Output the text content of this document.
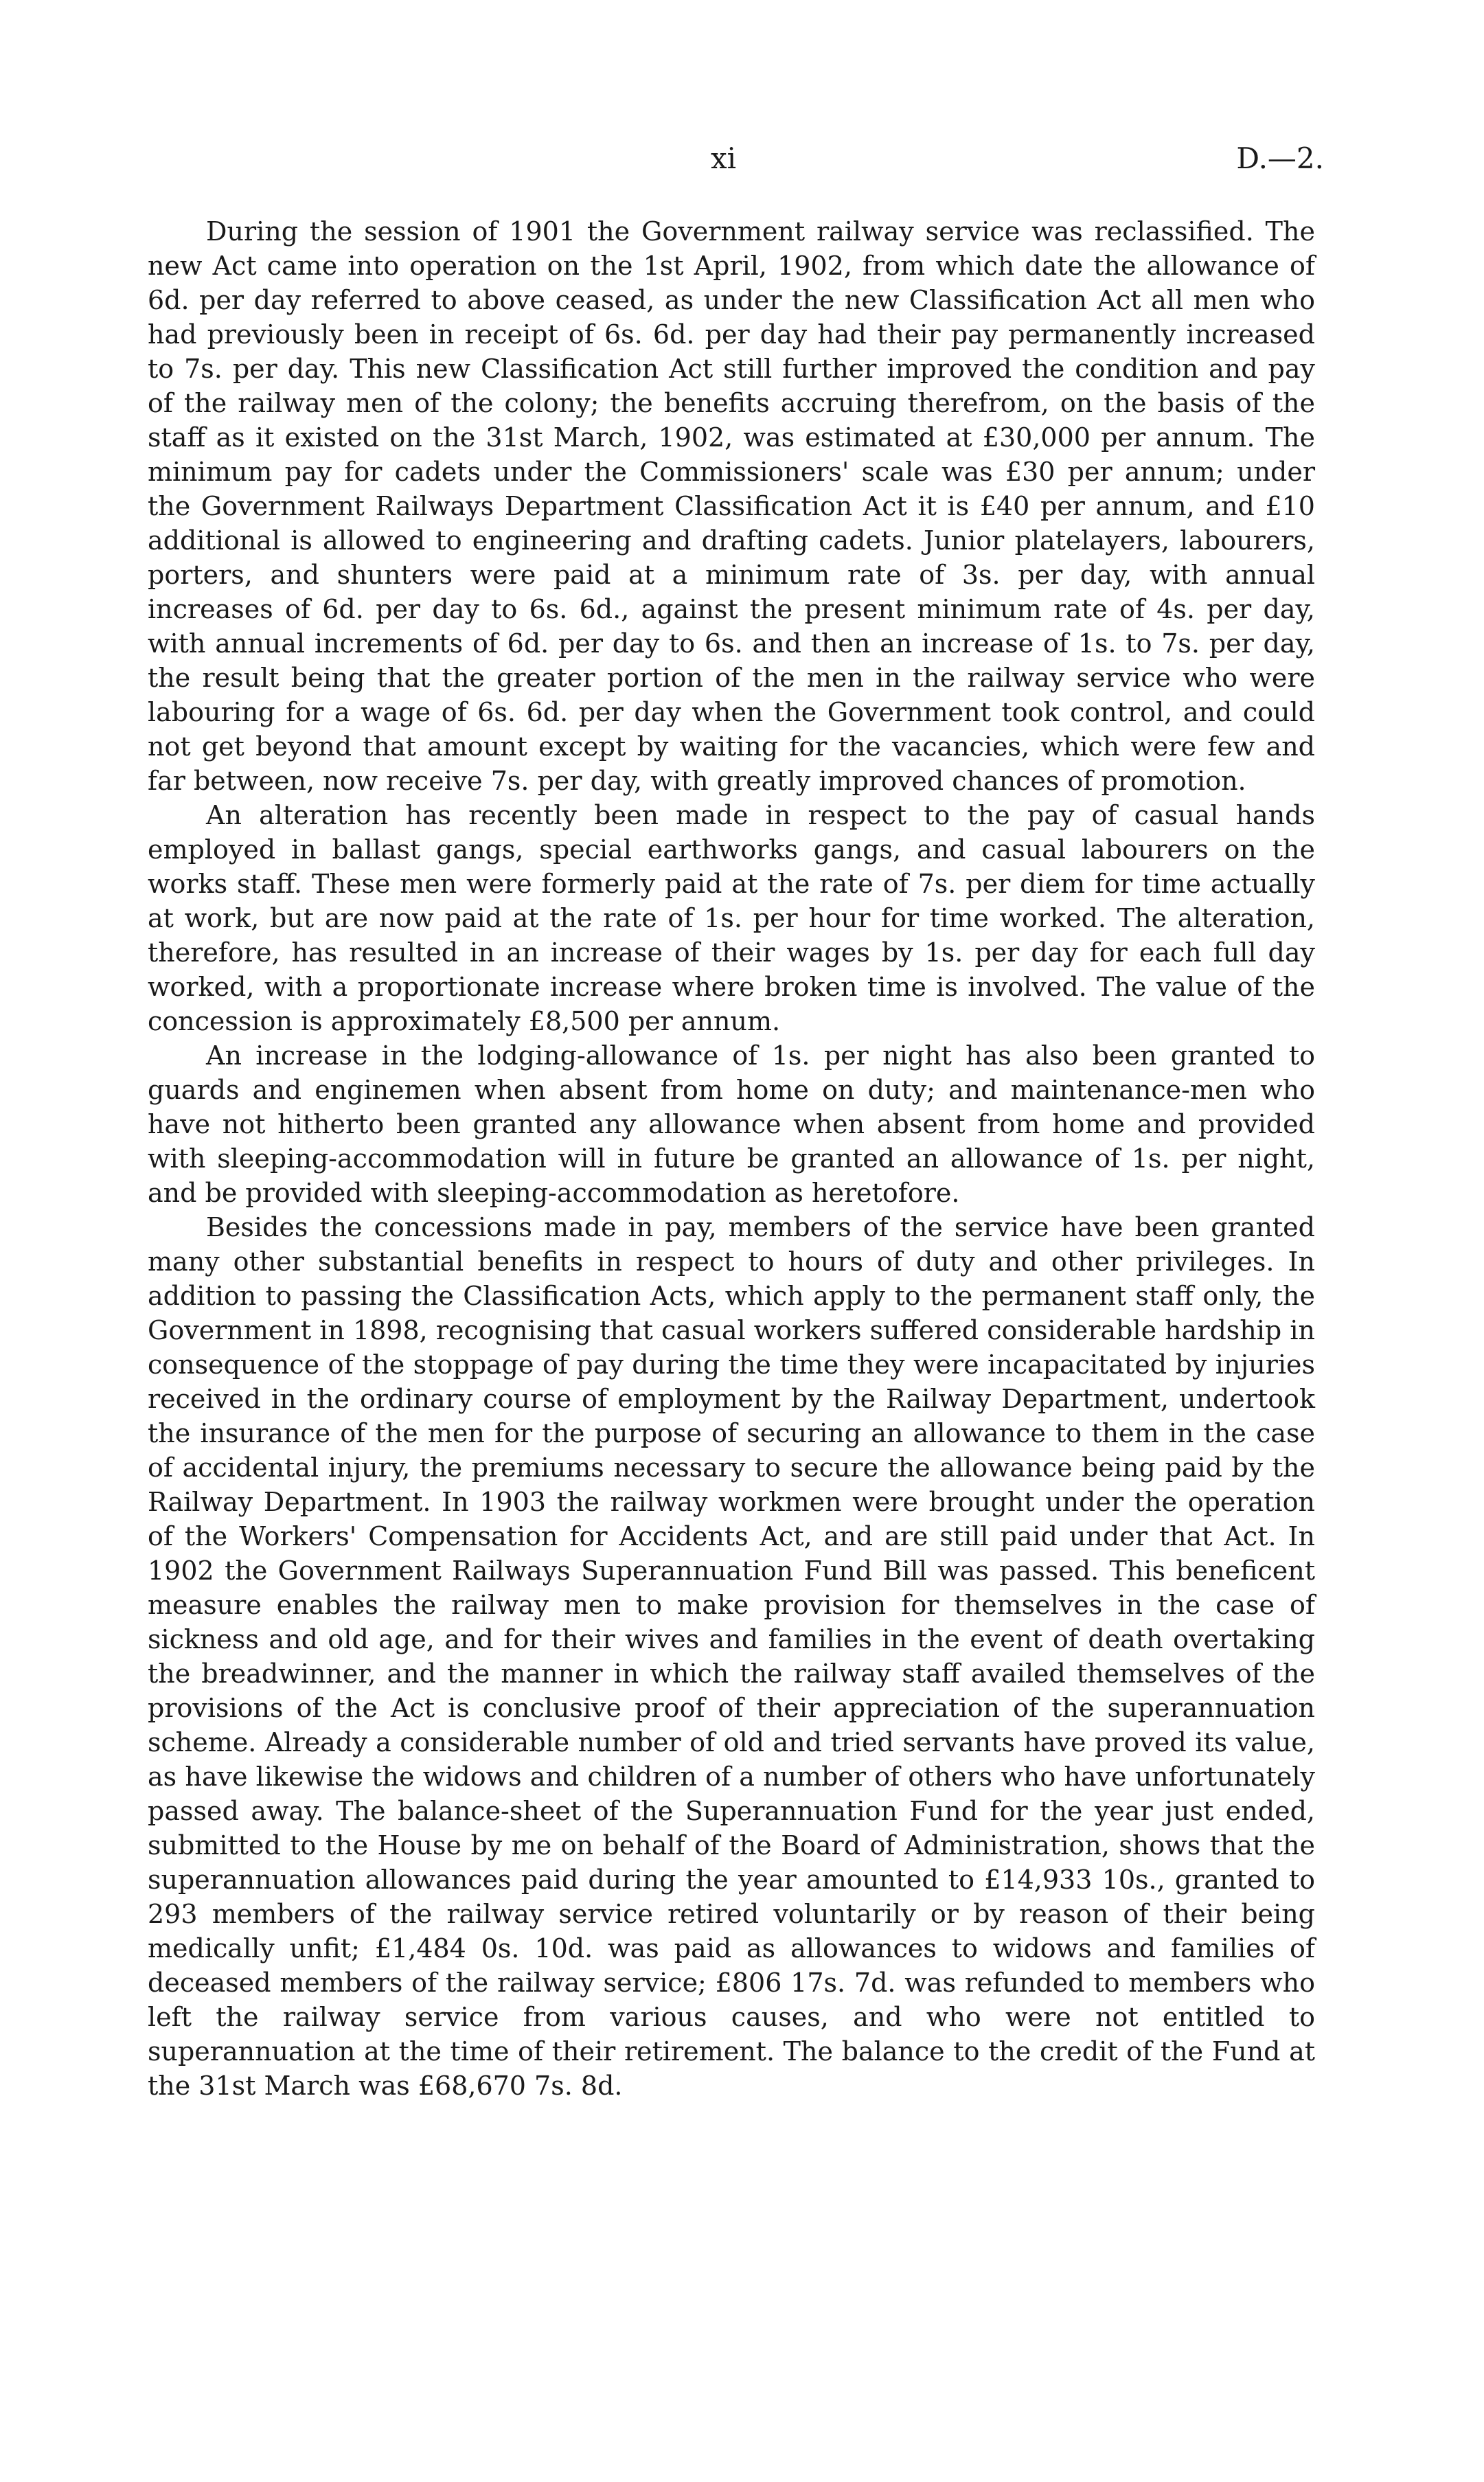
xi	D.—2.

During the session of 1901 the Government railway service was reclassified. The new Act came into operation on the 1st April, 1902, from which date the allowance of 6d. per day referred to above ceased, as under the new Classification Act all men who had previously been in receipt of 6s. 6d. per day had their pay permanently increased to 7s. per day. This new Classification Act still further improved the condition and pay of the railway men of the colony; the benefits accruing therefrom, on the basis of the staff as it existed on the 31st March, 1902, was estimated at £30,000 per annum. The minimum pay for cadets under the Commissioners' scale was £30 per annum; under the Government Railways Department Classification Act it is £40 per annum, and £10 additional is allowed to engineering and drafting cadets. Junior platelayers, labourers, porters, and shunters were paid at a minimum rate of 3s. per day, with annual increases of 6d. per day to 6s. 6d., against the present minimum rate of 4s. per day, with annual increments of 6d. per day to 6s. and then an increase of 1s. to 7s. per day, the result being that the greater portion of the men in the railway service who were labouring for a wage of 6s. 6d. per day when the Government took control, and could not get beyond that amount except by waiting for the vacancies, which were few and far between, now receive 7s. per day, with greatly improved chances of promotion.

An alteration has recently been made in respect to the pay of casual hands employed in ballast gangs, special earthworks gangs, and casual labourers on the works staff. These men were formerly paid at the rate of 7s. per diem for time actually at work, but are now paid at the rate of 1s. per hour for time worked. The alteration, therefore, has resulted in an increase of their wages by 1s. per day for each full day worked, with a proportionate increase where broken time is involved. The value of the concession is approximately £8,500 per annum.

An increase in the lodging-allowance of 1s. per night has also been granted to guards and enginemen when absent from home on duty; and maintenance-men who have not hitherto been granted any allowance when absent from home and provided with sleeping-accommodation will in future be granted an allowance of 1s. per night, and be provided with sleeping-accommodation as heretofore.

Besides the concessions made in pay, members of the service have been granted many other substantial benefits in respect to hours of duty and other privileges. In addition to passing the Classification Acts, which apply to the permanent staff only, the Government in 1898, recognising that casual workers suffered considerable hardship in consequence of the stoppage of pay during the time they were incapacitated by injuries received in the ordinary course of employment by the Railway Department, undertook the insurance of the men for the purpose of securing an allowance to them in the case of accidental injury, the premiums necessary to secure the allowance being paid by the Railway Department. In 1903 the railway workmen were brought under the operation of the Workers' Compensation for Accidents Act, and are still paid under that Act. In 1902 the Government Railways Superannuation Fund Bill was passed. This beneficent measure enables the railway men to make provision for themselves in the case of sickness and old age, and for their wives and families in the event of death overtaking the breadwinner, and the manner in which the railway staff availed themselves of the provisions of the Act is conclusive proof of their appreciation of the superannuation scheme. Already a considerable number of old and tried servants have proved its value, as have likewise the widows and children of a number of others who have unfortunately passed away. The balance-sheet of the Superannuation Fund for the year just ended, submitted to the House by me on behalf of the Board of Administration, shows that the superannuation allowances paid during the year amounted to £14,933 10s., granted to 293 members of the railway service retired voluntarily or by reason of their being medically unfit; £1,484 0s. 10d. was paid as allowances to widows and families of deceased members of the railway service; £806 17s. 7d. was refunded to members who left the railway service from various causes, and who were not entitled to superannuation at the time of their retirement. The balance to the credit of the Fund at the 31st March was £68,670 7s. 8d.
